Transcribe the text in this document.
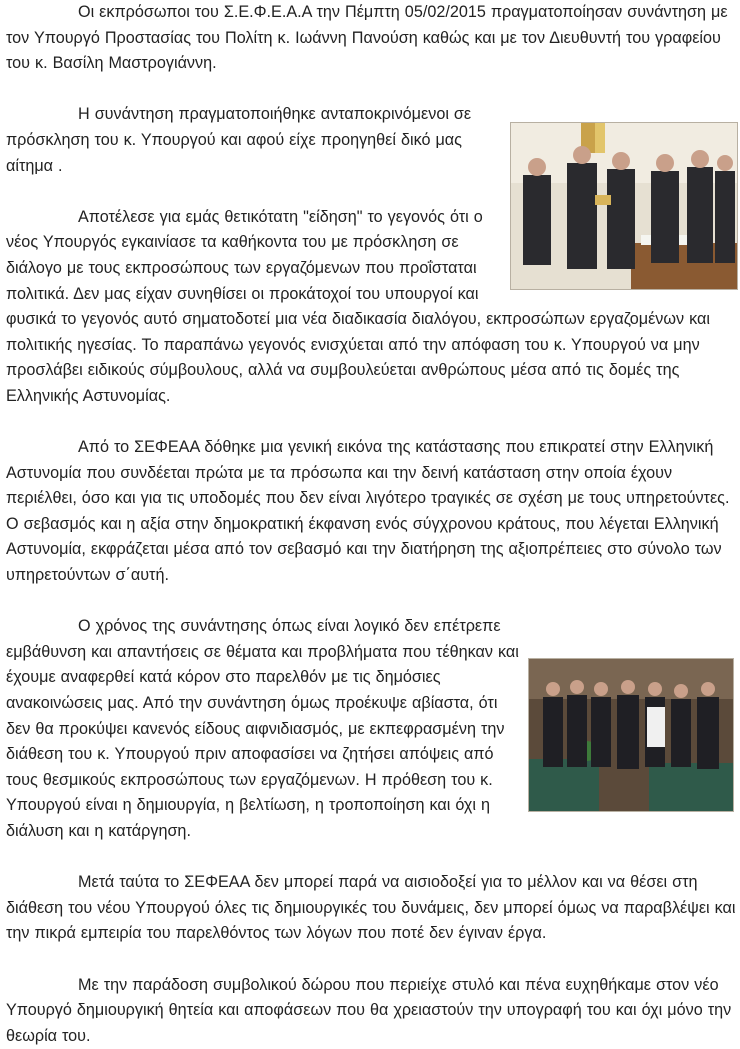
Οι εκπρόσωποι του Σ.Ε.Φ.Ε.Α.Α την Πέμπτη 05/02/2015 πραγματοποίησαν συνάντηση με τον Υπουργό Προστασίας του Πολίτη κ. Ιωάννη Πανούση καθώς και με τον Διευθυντή του γραφείου του κ. Βασίλη Μαστρογιάννη.

Η συνάντηση πραγματοποιήθηκε ανταποκρινόμενοι σε πρόσκληση του κ. Υπουργού και αφού είχε προηγηθεί δικό μας αίτημα .

Αποτέλεσε για εμάς θετικότατη "είδηση" το γεγονός ότι ο νέος Υπουργός εγκαινίασε τα καθήκοντα του με πρόσκληση σε διάλογο με τους εκπροσώπους των εργαζόμενων που προΐσταται πολιτικά. Δεν μας είχαν συνηθίσει οι προκάτοχοί του υπουργοί και φυσικά το γεγονός αυτό σηματοδοτεί μια νέα διαδικασία διαλόγου, εκπροσώπων εργαζομένων και πολιτικής ηγεσίας. Το παραπάνω γεγονός ενισχύεται από την απόφαση του κ. Υπουργού να μην προσλάβει ειδικούς σύμβουλους, αλλά να συμβουλεύεται ανθρώπους μέσα από τις δομές της Ελληνικής Αστυνομίας.

Από το ΣΕΦΕΑΑ δόθηκε μια γενική εικόνα της κατάστασης που επικρατεί στην Ελληνική Αστυνομία που συνδέεται πρώτα με τα πρόσωπα και την δεινή κατάσταση στην οποία έχουν περιέλθει, όσο και για τις υποδομές που δεν είναι λιγότερο τραγικές σε σχέση με τους υπηρετούντες. Ο σεβασμός και η αξία στην δημοκρατική έκφανση ενός σύγχρονου κράτους, που λέγεται Ελληνική Αστυνομία, εκφράζεται μέσα από τον σεβασμό και την διατήρηση της αξιοπρέπειες στο σύνολο των υπηρετούντων σ΄αυτή.

Ο χρόνος της συνάντησης όπως είναι λογικό δεν επέτρεπε εμβάθυνση και απαντήσεις σε θέματα και προβλήματα που τέθηκαν και έχουμε αναφερθεί κατά κόρον στο παρελθόν με τις δημόσιες ανακοινώσεις μας. Από την συνάντηση όμως προέκυψε αβίαστα, ότι δεν θα προκύψει κανενός είδους αιφνιδιασμός, με εκπεφρασμένη την διάθεση του κ. Υπουργού πριν αποφασίσει να ζητήσει απόψεις από τους θεσμικούς εκπροσώπους των εργαζόμενων. Η πρόθεση του κ. Υπουργού είναι η δημιουργία, η βελτίωση, η τροποποίηση και όχι η διάλυση και η κατάργηση.

Μετά ταύτα το ΣΕΦΕΑΑ δεν μπορεί παρά να αισιοδοξεί για το μέλλον και να θέσει στη διάθεση του νέου Υπουργού όλες τις δημιουργικές του δυνάμεις, δεν μπορεί όμως να παραβλέψει και την πικρά εμπειρία του παρελθόντος των λόγων που ποτέ δεν έγιναν έργα.

Με την παράδοση συμβολικού δώρου που περιείχε στυλό και πένα ευχηθήκαμε στον νέο Υπουργό δημιουργική θητεία και αποφάσεων που θα χρειαστούν την υπογραφή του και όχι μόνο την θεωρία του.
